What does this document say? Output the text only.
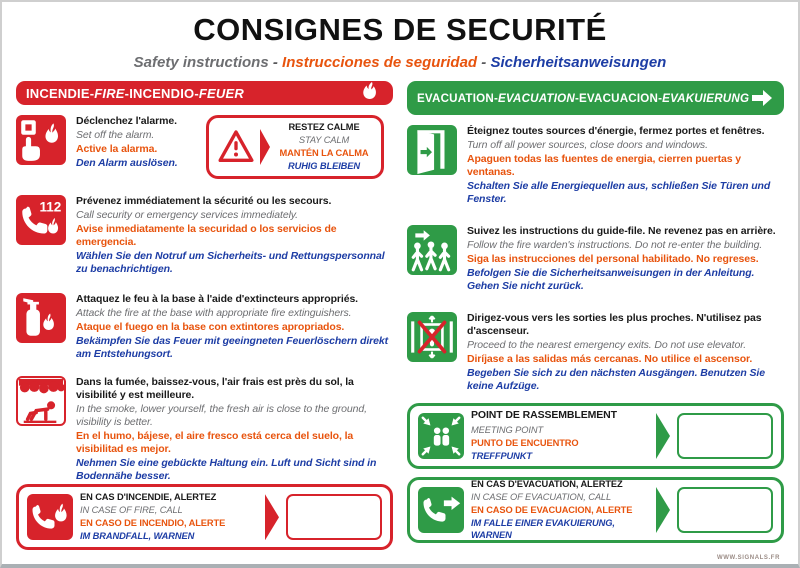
CONSIGNES DE SECURITÉ
Safety instructions - Instrucciones de seguridad - Sicherheitsanweisungen
INCENDIE-FIRE-INCENDIO-FEUER
Déclenchez l'alarme.
Set off the alarm.
Active la alarma.
Den Alarm auslösen.
RESTEZ CALME
STAY CALM
MANTÉN LA CALMA
RUHIG BLEIBEN
112 Prévenez immédiatement la sécurité ou les secours.
Call security or emergency services immediately.
Avise inmediatamente la securidad o los servicios de emergencia.
Wählen Sie den Notruf um Sicherheits- und Rettungspersonnal zu benachrichtigen.
Attaquez le feu à la base à l'aide d'extincteurs appropriés.
Attack the fire at the base with appropriate fire extinguishers.
Ataque el fuego en la base con extintores apropriados.
Bekämpfen Sie das Feuer mit geeingneten Feuerlöschern direkt am Entstehungsort.
Dans la fumée, baissez-vous, l'air frais est près du sol, la visibilité y est meilleure.
In the smoke, lower yourself, the fresh air is close to the ground, visibility is better.
En el humo, bájese, el aire fresco está cerca del suelo, la visibilitad es mejor.
Nehmen Sie eine gebückte Haltung ein. Luft und Sicht sind in Bodennähe besser.
EN CAS D'INCENDIE, ALERTEZ
IN CASE OF FIRE, CALL
EN CASO DE INCENDIO, ALERTE
IM BRANDFALL, WARNEN
EVACUATION-EVACUATION-EVACUACION-EVAKUIERUNG
Éteignez toutes sources d'énergie, fermez portes et fenêtres.
Turn off all power sources, close doors and windows.
Apaguen todas las fuentes de energia, cierren puertas y ventanas.
Schalten Sie alle Energiequellen aus, schließen Sie Türen und Fenster.
Suivez les instructions du guide-file. Ne revenez pas en arrière.
Follow the fire warden's instructions. Do not re-enter the building.
Siga las instrucciones del personal habilitado. No regreses.
Befolgen Sie die Sicherheitsanweisungen in der Anleitung. Gehen Sie nicht zurück.
Dirigez-vous vers les sorties les plus proches. N'utilisez pas d'ascenseur.
Proceed to the nearest emergency exits. Do not use elevator.
Diríjase a las salidas más cercanas. No utilice el ascensor.
Begeben Sie sich zu den nächsten Ausgängen. Benutzen Sie keine Aufzüge.
POINT DE RASSEMBLEMENT
MEETING POINT
PUNTO DE ENCUENTRO
TREFFPUNKT
EN CAS D'EVACUATION, ALERTEZ
IN CASE OF EVACUATION, CALL
EN CASO DE EVACUACION, ALERTE
IM FALLE EINER EVAKUIERUNG, WARNEN
WWW.SIGNALS.FR
